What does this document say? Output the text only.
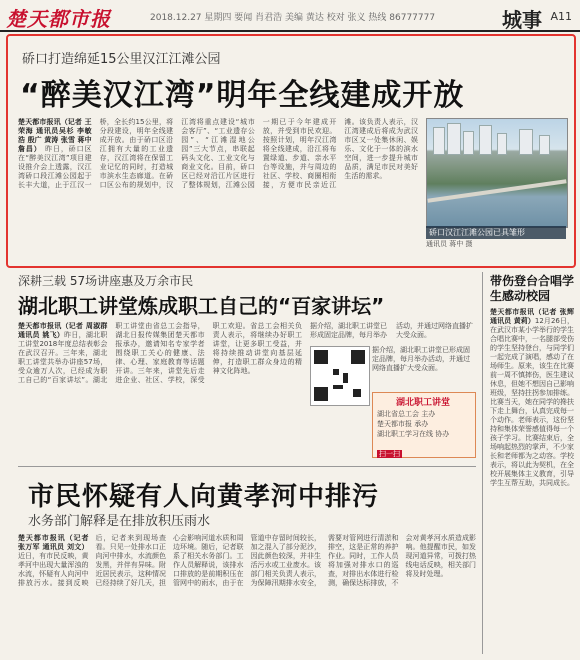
楚天都市报	2018.12.27 星期四 要闻 肖君浩 美编 黄达 校对 张义 热线 86777777	城事 A11
硚口打造绵延15公里汉江江滩公园
“醉美汉江湾”明年全线建成开放
楚天都市报讯（记者 王荣海 通讯员吴杉 李敏浩 殷广 黄涛 张雪 蒋中 詹昌） 昨日，硚口区在“醉美汉江湾”项目建设推介会上透露，汉江湾硚口段江滩公园起于长丰大道，止于江汉一桥，全长约15公里，将分段建设，明年全线建成开放。由于硚口区沿江拥有大量的工业遗存，汉江湾将在保留工业记忆的同时，打造城市滨水生态廊道。在硚口区公布的规划中，汉江湾将重点建设“城市会客厅”、“工业遗存公园”、“江滩湿地公园”三大节点，串联起码头文化、工业文化与商业文化。目前，硚口区已经对沿江片区进行了整体规划，江滩公园一期已于今年建成开放，并受到市民欢迎。按照计划，明年汉江湾将全线建成，沿江将布置绿道、步道、亲水平台等设施，并与周边的社区、学校、商圈相衔接，方便市民亲近江滩。该负责人表示，汉江湾建成后将成为武汉市区又一处集休闲、娱乐、文化于一体的滨水空间，进一步提升城市品质，满足市民对美好生活的需求。
硚口汉江江滩公园已具雏形
通讯员 蒋中 摄
深耕三载 57场讲座惠及万余市民
湖北职工讲堂炼成职工自己的“百家讲坛”
楚天都市报讯（记者 周淑群 通讯员 姚飞）昨日，湖北职工讲堂2018年度总结表彰会在武汉召开。三年来，湖北职工讲堂共举办讲座57场，受众逾万人次，已经成为职工自己的“百家讲坛”。湖北职工讲堂由省总工会指导，湖北日报传媒集团楚天都市报承办，邀请知名专家学者围绕职工关心的健康、法律、心理、家庭教育等话题开讲。三年来，讲堂先后走进企业、社区、学校，深受职工欢迎。省总工会相关负责人表示，将继续办好职工讲堂，让更多职工受益，并将持续推动讲堂向基层延伸，打造职工群众身边的精神文化阵地。
据介绍，湖北职工讲堂已形成固定品牌，每月举办活动，并通过网络直播扩大受众面。
据介绍，湖北职工讲堂已形成固定品牌，每月举办活动，并通过网络直播扩大受众面。
湖北职工讲堂
湖北省总工会 主办
楚天都市报 承办
湖北职工学习在线 协办
扫一扫
带伤登台合唱学生感动校园
楚天都市报讯（记者 张辉 通讯员 黄莉）12月26日，在武汉市某小学举行的学生合唱比赛中，一名腿部受伤的学生坚持登台，与同学们一起完成了演唱，感动了在场师生。原来，该生在比赛前一周不慎摔伤，医生建议休息，但她不想因自己影响班级，坚持拄拐参加排练。比赛当天，她在同学的搀扶下走上舞台，认真完成每一个动作。老师表示，这份坚持和集体荣誉感值得每一个孩子学习。比赛结束后，全场响起热烈的掌声，不少家长和老师都为之动容。学校表示，将以此为契机，在全校开展集体主义教育，引导学生互帮互助，共同成长。
市民怀疑有人向黄孝河中排污
水务部门解释是在排放积压雨水
楚天都市报讯（记者 张万军 通讯员 刘文） 近日，有市民反映，黄孝河中出现大量浑浊的水流，怀疑有人向河中排放污水。接到反映后，记者来到现场查看。只见一处排水口正向河中排水，水流颜色发黑，并伴有异味。附近居民表示，这种情况已经持续了好几天，担心会影响河道水质和周边环境。随后，记者联系了相关水务部门。工作人员解释说，该排水口排放的是前期积压在管网中的雨水，由于在管道中存留时间较长，加之混入了部分泥沙，因此颜色较深，并非生活污水或工业废水。该部门相关负责人表示，为保障汛期排水安全，需要对管网进行清淤和排空，这是正常的养护作业。同时，工作人员将加强对排水口的巡查，对排出水体进行检测，确保达标排放，不会对黄孝河水质造成影响。他提醒市民，如发现河道异常，可拨打热线电话反映，相关部门将及时处理。
